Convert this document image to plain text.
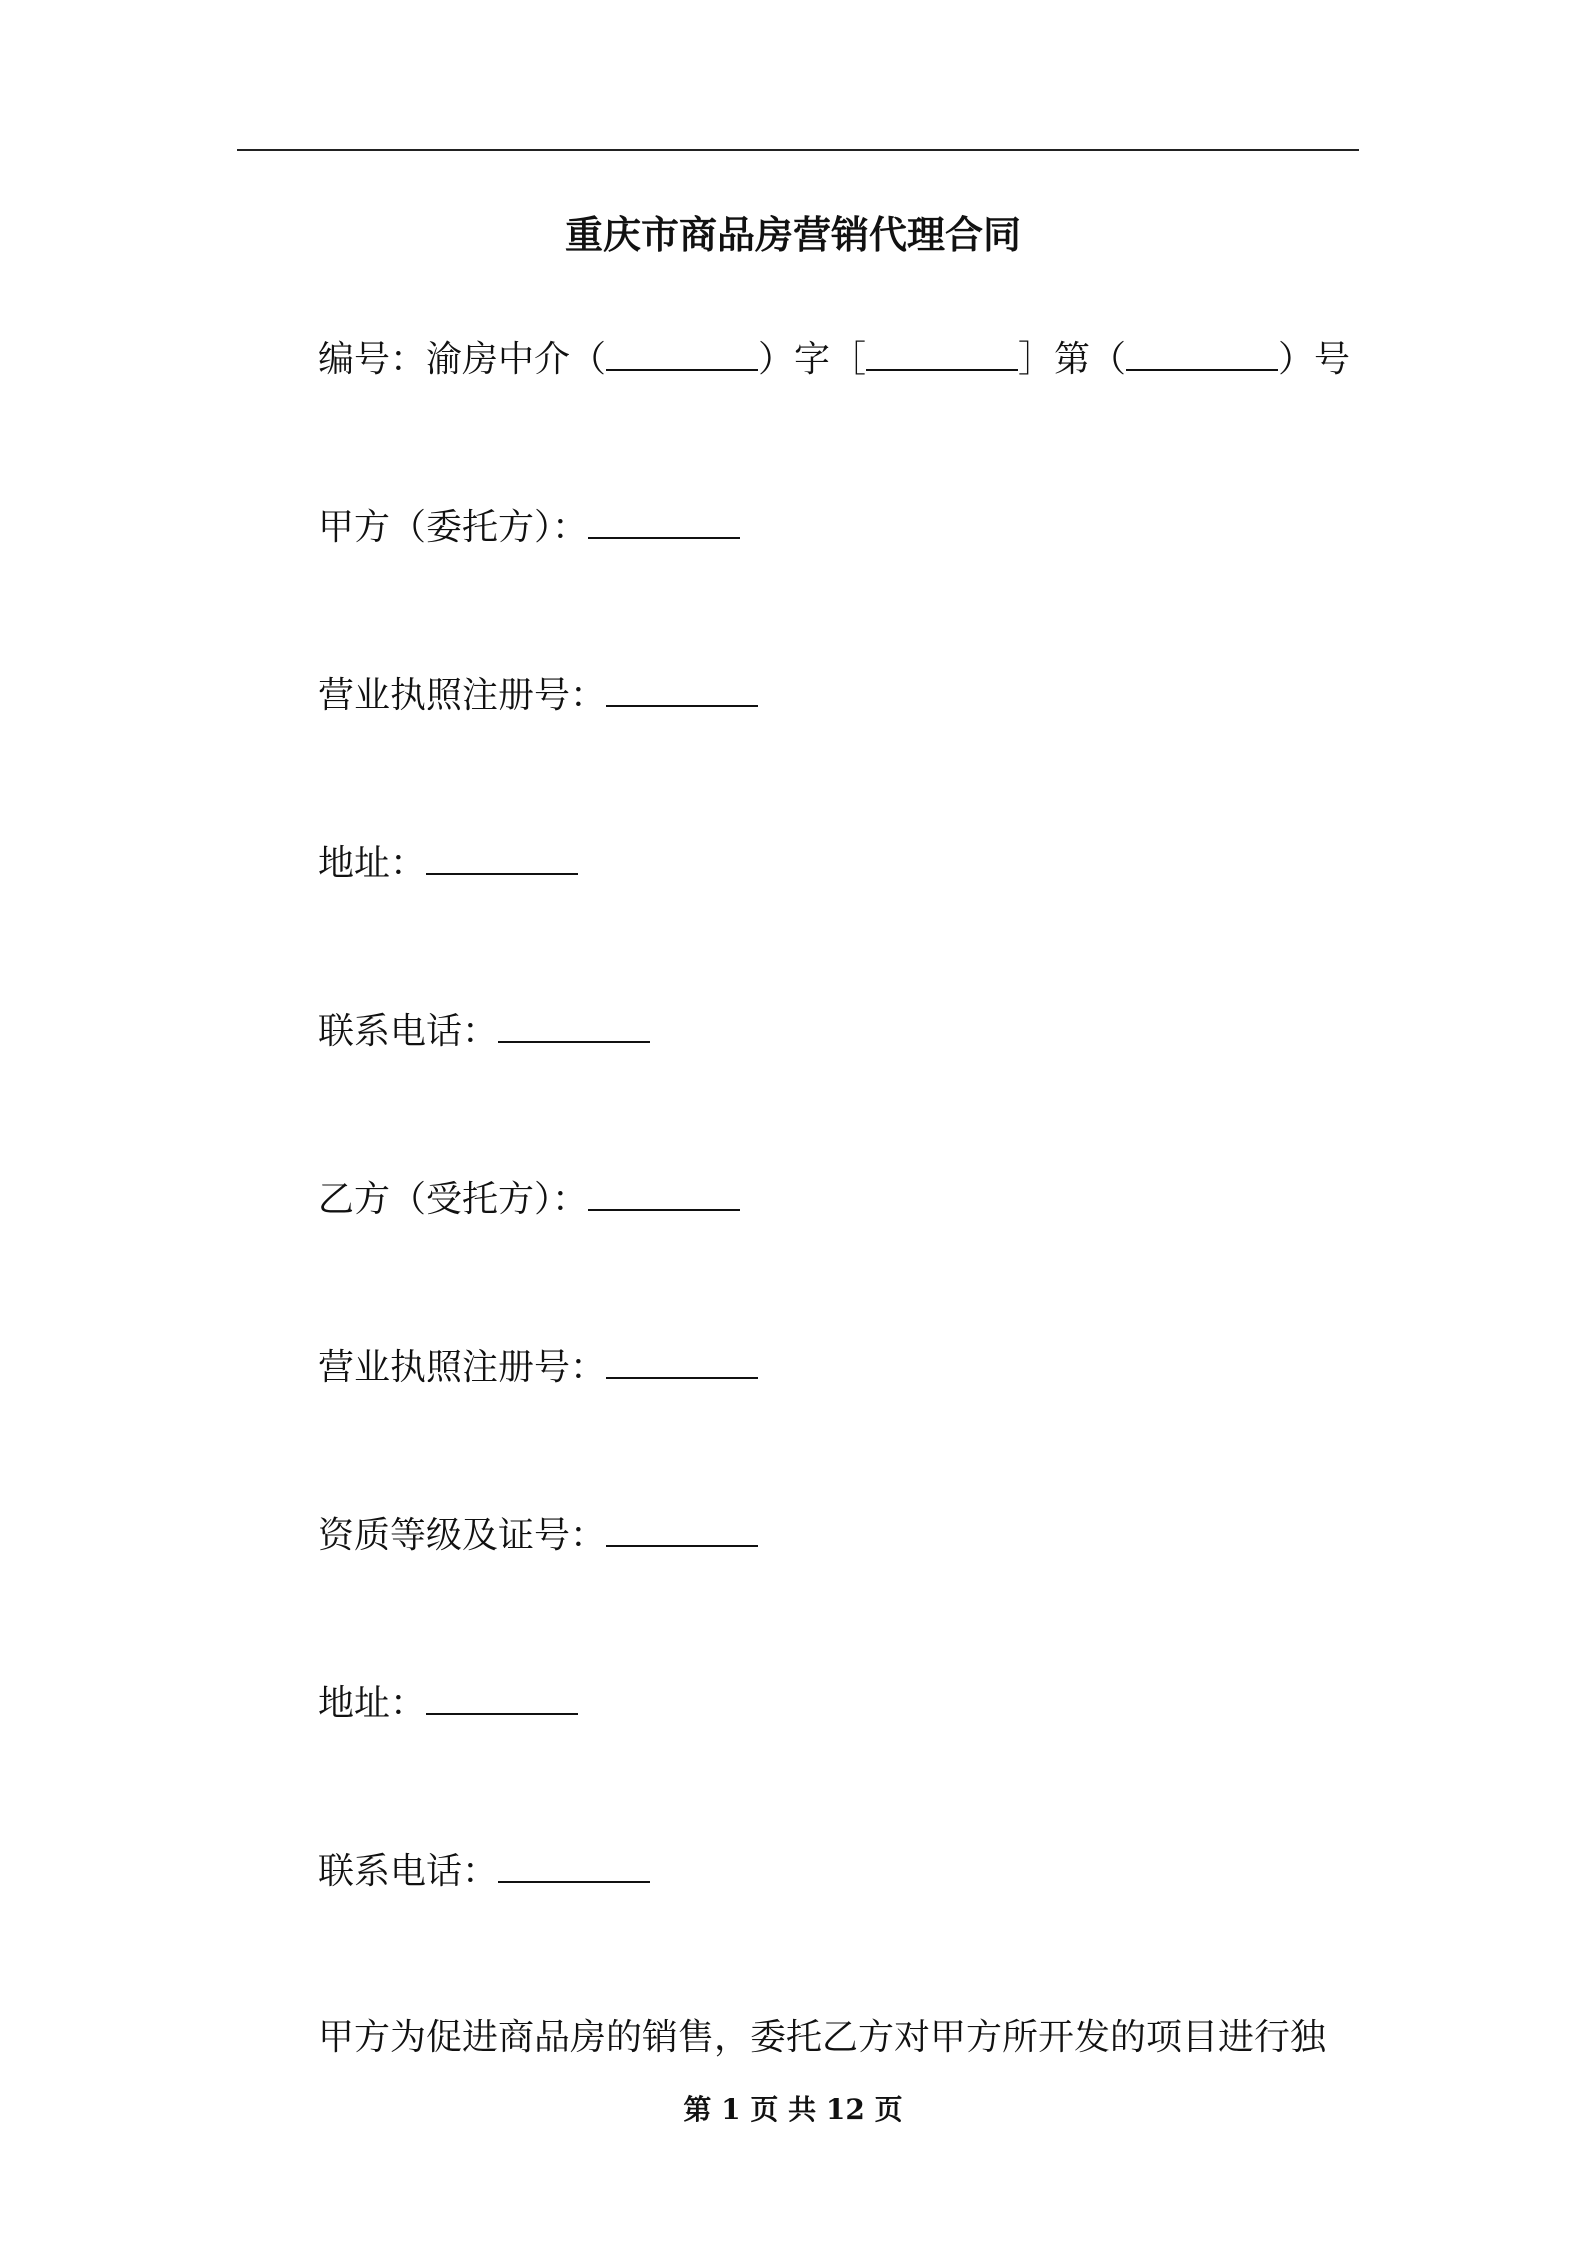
重庆市商品房营销代理合同
编号：渝房中介（	）字［	］第（	）号
甲方（委托方）：
营业执照注册号：
地址：
联系电话：
乙方（受托方）：
营业执照注册号：
资质等级及证号：
地址：
联系电话：
甲方为促进商品房的销售，委托乙方对甲方所开发的项目进行独
第 1 页 共 12 页
